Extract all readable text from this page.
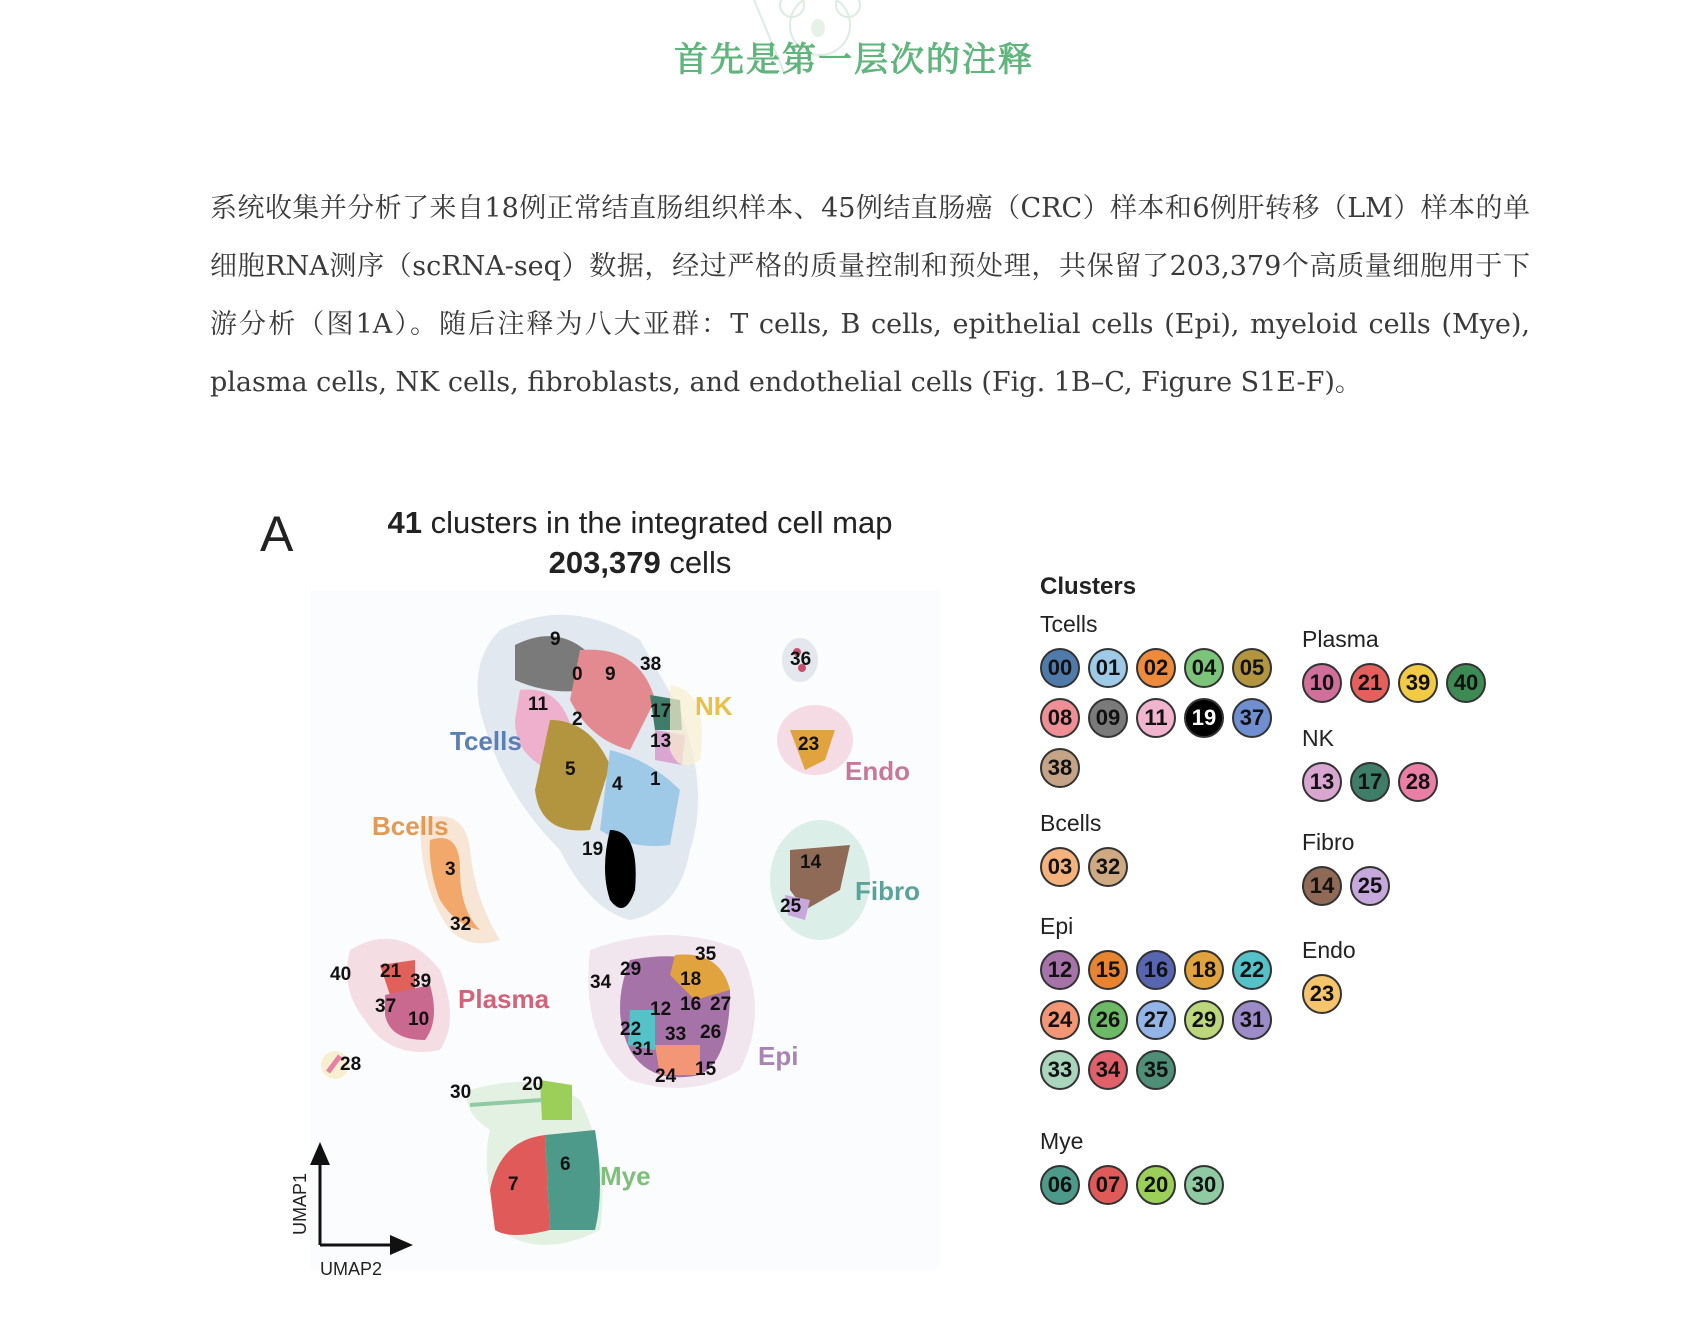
首先是第一层次的注释

系统收集并分析了来自18例正常结直肠组织样本、45例结直肠癌（CRC）样本和6例肝转移（LM）样本的单细胞RNA测序（scRNA-seq）数据，经过严格的质量控制和预处理，共保留了203,379个高质量细胞用于下游分析（图1A）。随后注释为八大亚群：T cells, B cells, epithelial cells (Epi), myeloid cells (Mye), plasma cells, NK cells, fibroblasts, and endothelial cells (Fig. 1B–C, Figure S1E-F)。

A	41 clusters in the integrated cell map
203,379 cells
9
0 9 38
11
2	17
13
5
4 1
19
36
23
14
25
3
32
40 21 39
37
10
28
34
29
35
18
12 16 27
22 33 26
31
24 15
30	20
6
7
Tcells
NK
Endo
Bcells
Fibro
Plasma
Epi
Mye
UMAP1
UMAP2
Clusters
Tcells
00	01	02	04	05
08	09	11	19	37
38
Bcells
03	32
Epi
12	15	16	18	22
24	26	27	29	31
33	34	35
Mye
06	07	20	30
Plasma
10	21	39	40
NK
13	17	28
Fibro
14	25
Endo
23
